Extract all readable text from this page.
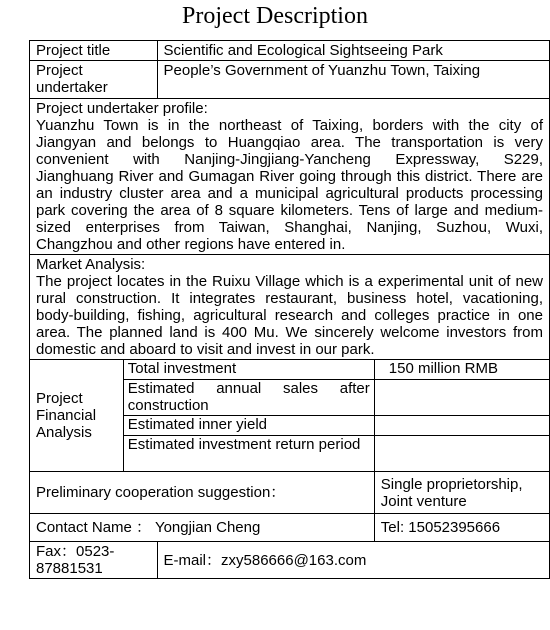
Project Description
Project title		Scientific and Ecological Sightseeing Park	
Project undertaker		People’s Government of Yuanzhu Town, Taixing	

Project undertaker profile:
Yuanzhu Town is in the northeast of Taixing, borders with the city of Jiangyan and belongs to Huangqiao area. The transportation is very convenient with Nanjing-Jingjiang-Yancheng Expressway, S229, Jianghuang River and Gumagan River going through this district. There are an industry cluster area and a municipal agricultural products processing park covering the area of 8 square kilometers. Tens of large and medium-sized enterprises from Taiwan, Shanghai, Nanjing, Suzhou, Wuxi, Changzhou and other regions have entered in.			

Market Analysis:
The project locates in the Ruixu Village which is a experimental unit of new rural construction. It integrates restaurant, business hotel, vacationing, body-building, fishing, agricultural research and colleges practice in one area. The planned land is 400 Mu. We sincerely welcome investors from domestic and aboard to visit and invest in our park.			

Project Financial Analysis	Total investment		150 million RMB
	Estimated annual sales after construction		
	Estimated inner yield		
	Estimated investment return period		
Preliminary cooperation suggestion：			Single proprietorship, Joint venture
Contact Name ： Yongjian Cheng			Tel: 15052395666
Fax：0523-87881531		E-mail：zxy586666@163.com	
